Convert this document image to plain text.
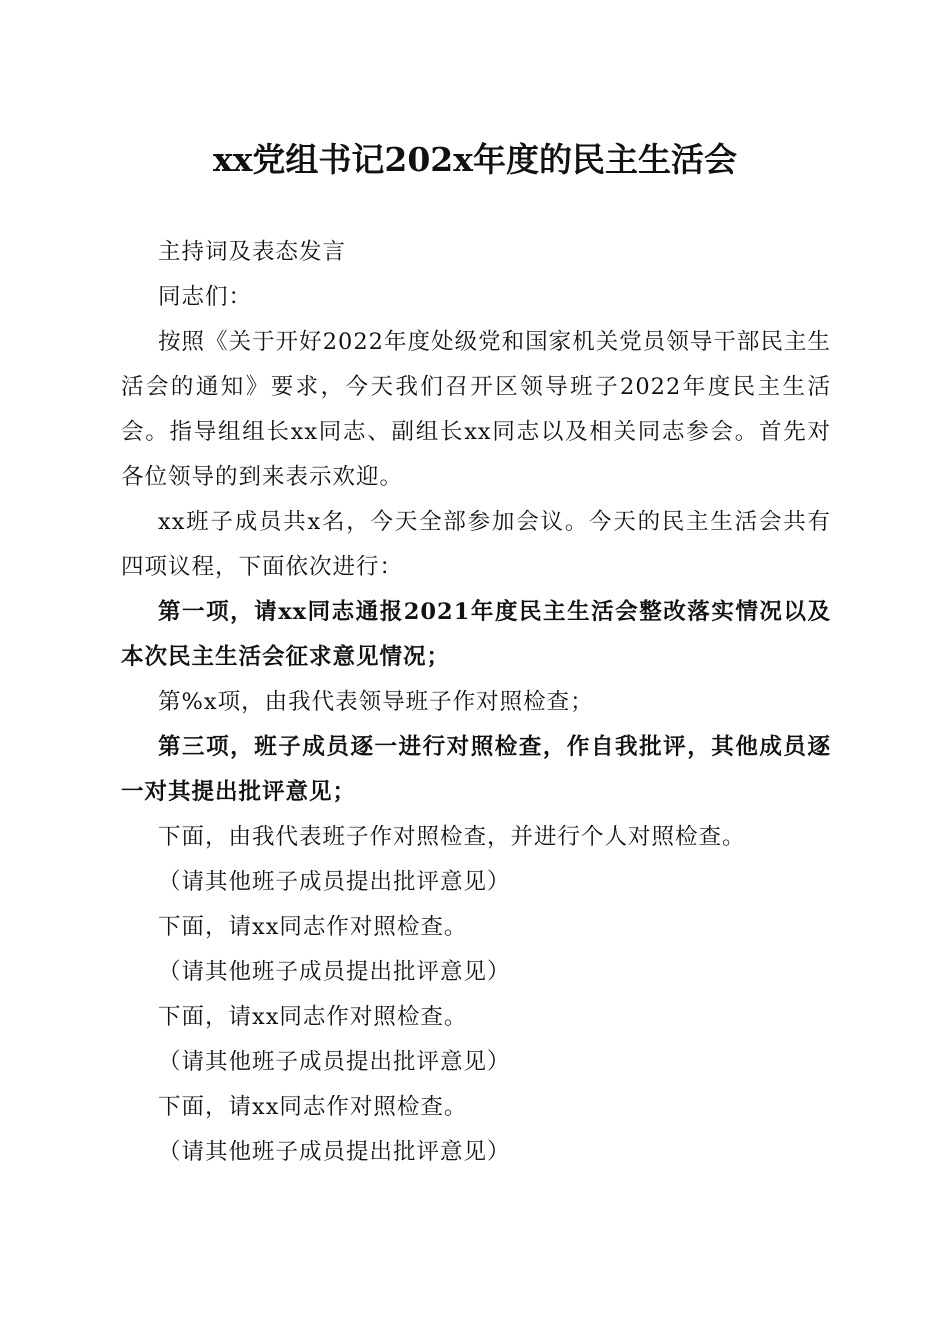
xx党组书记202x年度的民主生活会

主持词及表态发言

同志们：

按照《关于开好2022年度处级党和国家机关党员领导干部民主生活会的通知》要求，今天我们召开区领导班子2022年度民主生活会。指导组组长xx同志、副组长xx同志以及相关同志参会。首先对各位领导的到来表示欢迎。

xx班子成员共x名，今天全部参加会议。今天的民主生活会共有四项议程，下面依次进行：

第一项，请xx同志通报2021年度民主生活会整改落实情况以及本次民主生活会征求意见情况；

第%x项，由我代表领导班子作对照检查；

第三项，班子成员逐一进行对照检查，作自我批评，其他成员逐一对其提出批评意见；

下面，由我代表班子作对照检查，并进行个人对照检查。

（请其他班子成员提出批评意见）

下面，请xx同志作对照检查。

（请其他班子成员提出批评意见）

下面，请xx同志作对照检查。

（请其他班子成员提出批评意见）

下面，请xx同志作对照检查。

（请其他班子成员提出批评意见）
